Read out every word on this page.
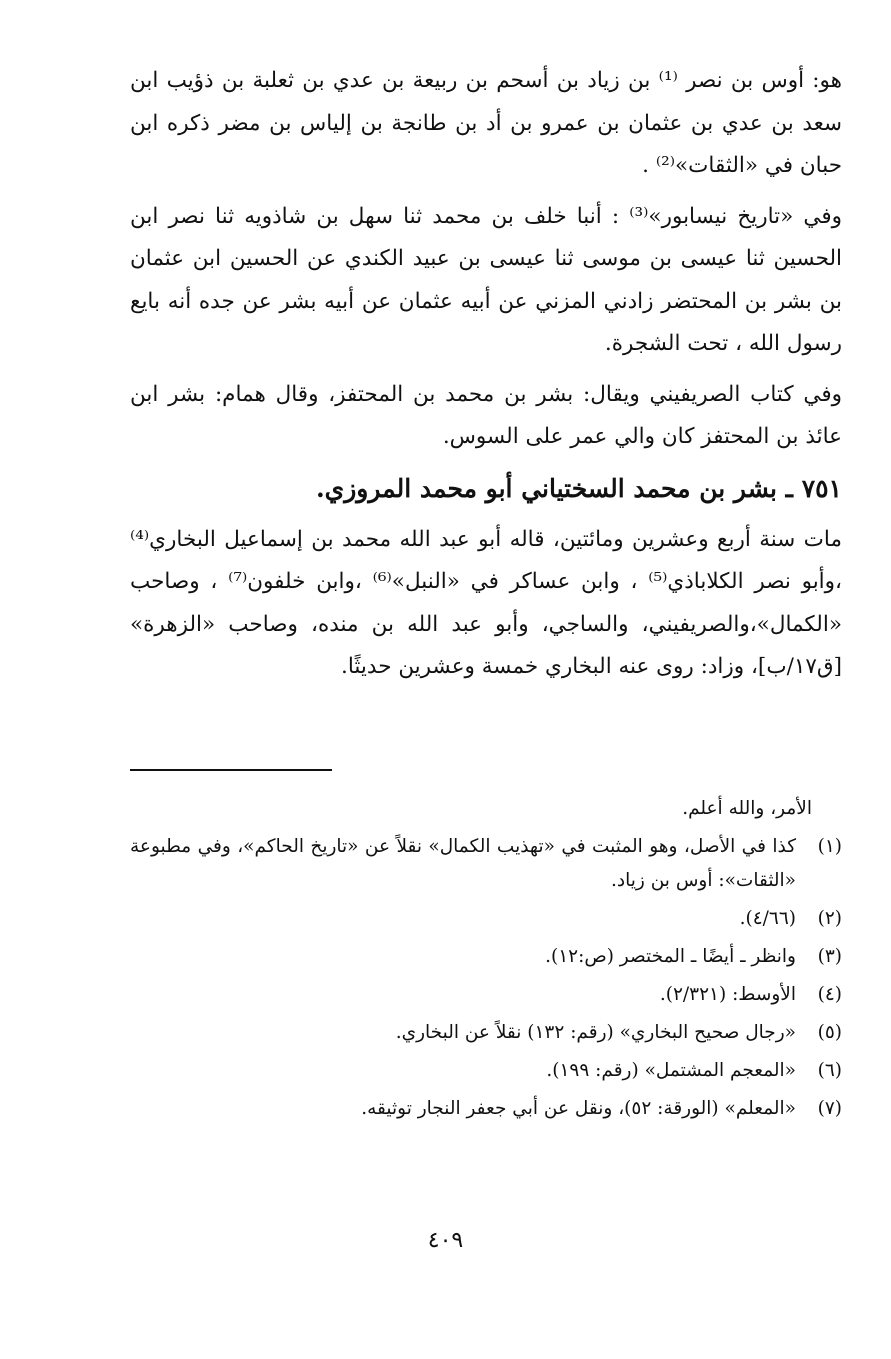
هو: أوس بن نصر ⁽¹⁾ بن زياد بن أسحم بن ربيعة بن عدي بن ثعلبة بن ذؤيب ابن سعد بن عدي بن عثمان بن عمرو بن أد بن طانجة بن إلياس بن مضر ذكره ابن حبان في «الثقات»⁽²⁾ .

وفي «تاريخ نيسابور»⁽³⁾ : أنبا خلف بن محمد ثنا سهل بن شاذويه ثنا نصر ابن الحسين ثنا عيسى بن موسى ثنا عيسى بن عبيد الكندي عن الحسين ابن عثمان بن بشر بن المحتضر زادني المزني عن أبيه عثمان عن أبيه بشر عن جده أنه بايع رسول الله ، تحت الشجرة.

وفي كتاب الصريفيني ويقال: بشر بن محمد بن المحتفز، وقال همام: بشر ابن عائذ بن المحتفز كان والي عمر على السوس.

٧٥١ ـ بشر بن محمد السختياني أبو محمد المروزي.

مات سنة أربع وعشرين ومائتين، قاله أبو عبد الله محمد بن إسماعيل البخاري⁽⁴⁾ ،وأبو نصر الكلاباذي⁽⁵⁾ ، وابن عساكر في «النبل»⁽⁶⁾ ،وابن خلفون⁽⁷⁾ ، وصاحب «الكمال»،والصريفيني، والساجي، وأبو عبد الله بن منده، وصاحب «الزهرة» [ق١٧/ب]، وزاد: روى عنه البخاري خمسة وعشرين حديثًا.

الأمر، والله أعلم.
(١)
كذا في الأصل، وهو المثبت في «تهذيب الكمال» نقلاً عن «تاريخ الحاكم»، وفي مطبوعة «الثقات»: أوس بن زياد.
(٢)
(٤/٦٦).
(٣)
وانظر ـ أيضًا ـ المختصر (ص:١٢).
(٤)
الأوسط: (٢/٣٢١).
(٥)
«رجال صحيح البخاري» (رقم: ١٣٢) نقلاً عن البخاري.
(٦)
«المعجم المشتمل» (رقم: ١٩٩).
(٧)
«المعلم» (الورقة: ٥٢)، ونقل عن أبي جعفر النجار توثيقه.
٤٠٩
